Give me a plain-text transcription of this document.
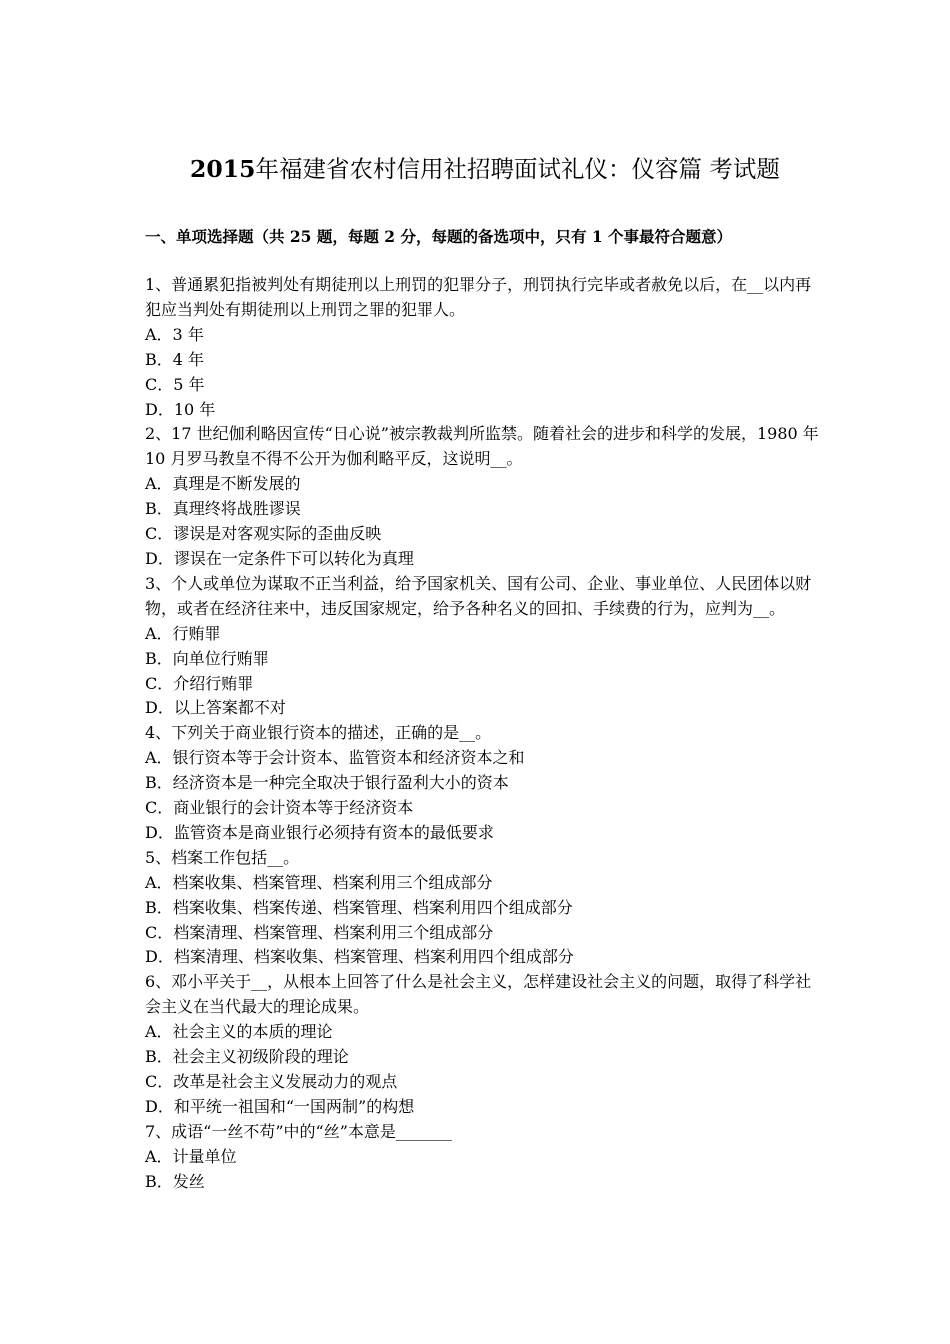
2015年福建省农村信用社招聘面试礼仪：仪容篇 考试题
一、单项选择题（共 25 题，每题 2 分，每题的备选项中，只有 1 个事最符合题意）

1、普通累犯指被判处有期徒刑以上刑罚的犯罪分子，刑罚执行完毕或者赦免以后，在__以内再犯应当判处有期徒刑以上刑罚之罪的犯罪人。

A．3 年
B．4 年
C．5 年
D．10 年

2、17 世纪伽利略因宣传“日心说”被宗教裁判所监禁。随着社会的进步和科学的发展，1980 年 10 月罗马教皇不得不公开为伽利略平反，这说明__。

A．真理是不断发展的
B．真理终将战胜谬误
C．谬误是对客观实际的歪曲反映
D．谬误在一定条件下可以转化为真理

3、个人或单位为谋取不正当利益，给予国家机关、国有公司、企业、事业单位、人民团体以财物，或者在经济往来中，违反国家规定，给予各种名义的回扣、手续费的行为，应判为__。

A．行贿罪
B．向单位行贿罪
C．介绍行贿罪
D．以上答案都不对

4、下列关于商业银行资本的描述，正确的是__。

A．银行资本等于会计资本、监管资本和经济资本之和
B．经济资本是一种完全取决于银行盈利大小的资本
C．商业银行的会计资本等于经济资本
D．监管资本是商业银行必须持有资本的最低要求

5、档案工作包括__。

A．档案收集、档案管理、档案利用三个组成部分
B．档案收集、档案传递、档案管理、档案利用四个组成部分
C．档案清理、档案管理、档案利用三个组成部分
D．档案清理、档案收集、档案管理、档案利用四个组成部分

6、邓小平关于__，从根本上回答了什么是社会主义，怎样建设社会主义的问题，取得了科学社会主义在当代最大的理论成果。

A．社会主义的本质的理论
B．社会主义初级阶段的理论
C．改革是社会主义发展动力的观点
D．和平统一祖国和“一国两制”的构想

7、成语“一丝不苟”中的“丝”本意是_______

A．计量单位
B．发丝
